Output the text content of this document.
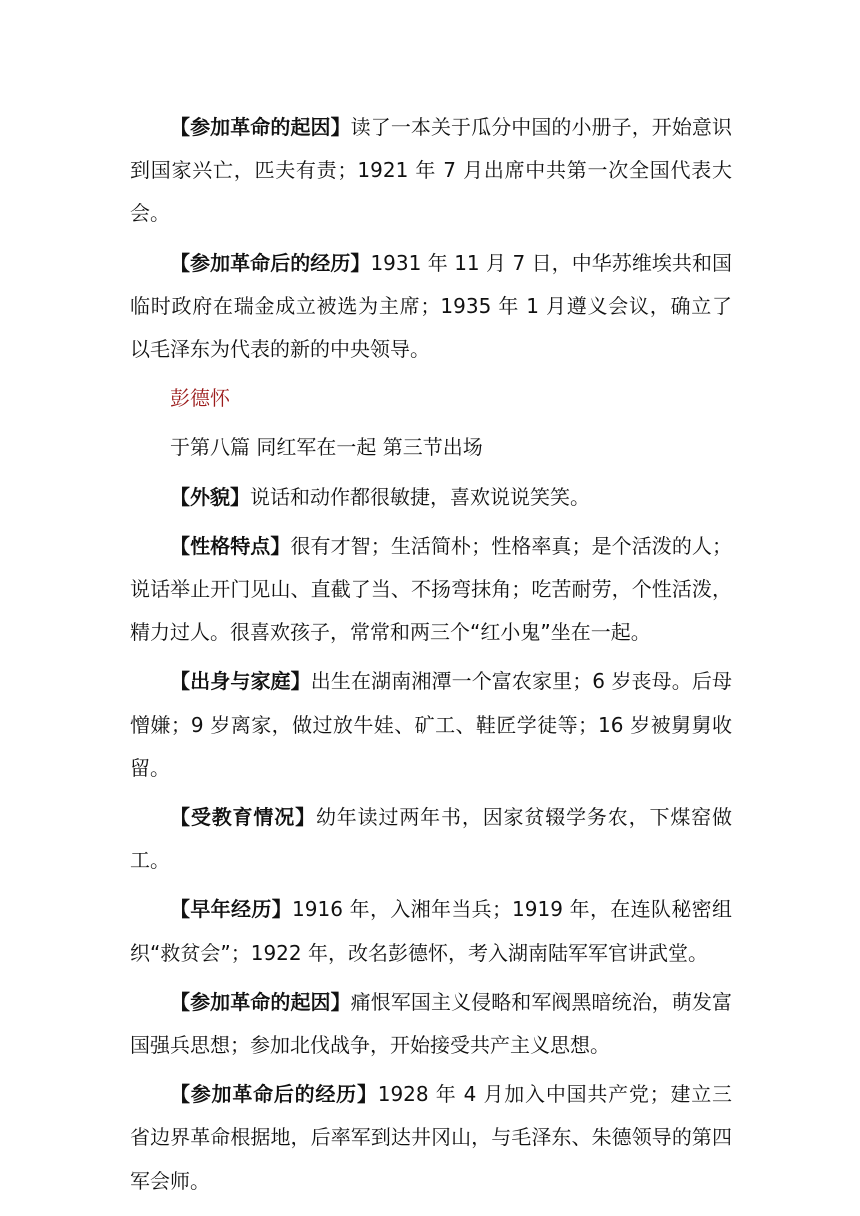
【参加革命的起因】读了一本关于瓜分中国的小册子，开始意识到国家兴亡，匹夫有责；1921 年 7 月出席中共第一次全国代表大会。

【参加革命后的经历】1931 年 11 月 7 日，中华苏维埃共和国临时政府在瑞金成立被选为主席；1935 年 1 月遵义会议，确立了以毛泽东为代表的新的中央领导。

彭德怀

于第八篇 同红军在一起 第三节出场

【外貌】说话和动作都很敏捷，喜欢说说笑笑。

【性格特点】很有才智；生活简朴；性格率真；是个活泼的人；说话举止开门见山、直截了当、不扬弯抹角；吃苦耐劳，个性活泼，精力过人。很喜欢孩子，常常和两三个“红小鬼”坐在一起。

【出身与家庭】出生在湖南湘潭一个富农家里；6 岁丧母。后母憎嫌；9 岁离家，做过放牛娃、矿工、鞋匠学徒等；16 岁被舅舅收留。

【受教育情况】幼年读过两年书，因家贫辍学务农，下煤窑做工。

【早年经历】1916 年，入湘年当兵；1919 年，在连队秘密组织“救贫会”；1922 年，改名彭德怀，考入湖南陆军军官讲武堂。

【参加革命的起因】痛恨军国主义侵略和军阀黑暗统治，萌发富国强兵思想；参加北伐战争，开始接受共产主义思想。

【参加革命后的经历】1928 年 4 月加入中国共产党；建立三省边界革命根据地，后率军到达井冈山，与毛泽东、朱德领导的第四军会师。
